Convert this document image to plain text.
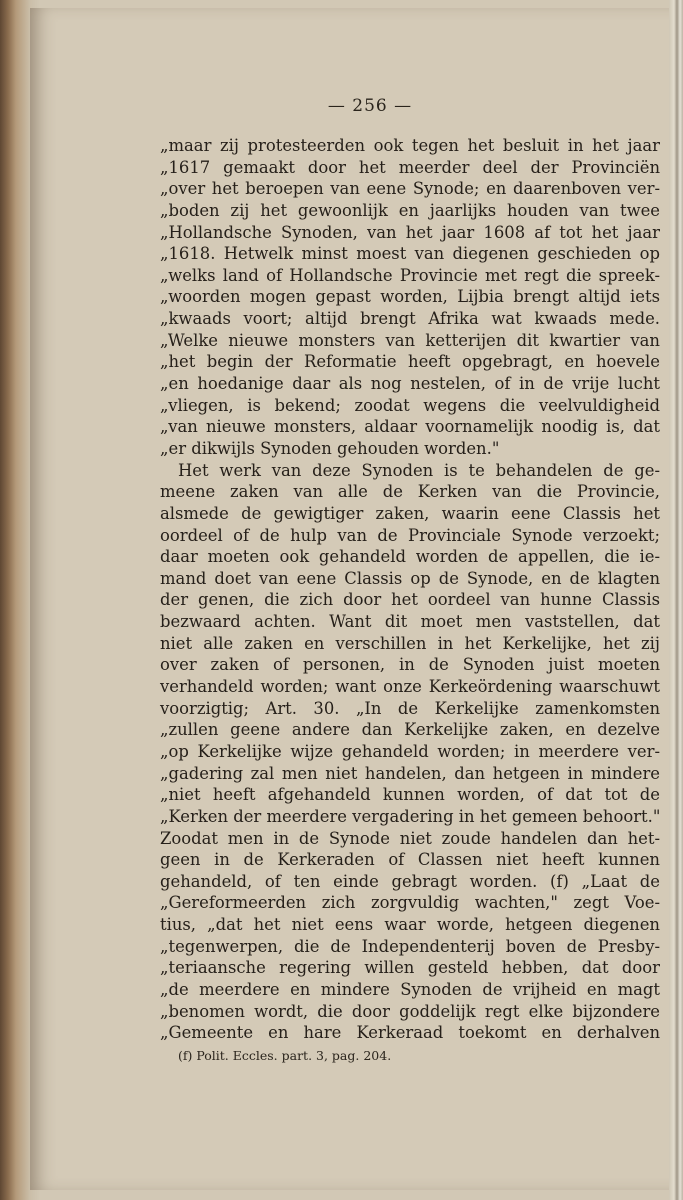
— 256 —
„maar zij protesteerden ook tegen het besluit in het jaar
„1617 gemaakt door het meerder deel der Provinciën
„over het beroepen van eene Synode; en daarenboven ver-
„boden zij het gewoonlijk en jaarlijks houden van twee
„Hollandsche Synoden, van het jaar 1608 af tot het jaar
„1618. Hetwelk minst moest van diegenen geschieden op
„welks land of Hollandsche Provincie met regt die spreek-
„woorden mogen gepast worden, Lijbia brengt altijd iets
„kwaads voort; altijd brengt Afrika wat kwaads mede.
„Welke nieuwe monsters van ketterijen dit kwartier van
„het begin der Reformatie heeft opgebragt, en hoevele
„en hoedanige daar als nog nestelen, of in de vrije lucht
„vliegen, is bekend; zoodat wegens die veelvuldigheid
„van nieuwe monsters, aldaar voornamelijk noodig is, dat
„er dikwijls Synoden gehouden worden."
Het werk van deze Synoden is te behandelen de ge-
meene zaken van alle de Kerken van die Provincie,
alsmede de gewigtiger zaken, waarin eene Classis het
oordeel of de hulp van de Provinciale Synode verzoekt;
daar moeten ook gehandeld worden de appellen, die ie-
mand doet van eene Classis op de Synode, en de klagten
der genen, die zich door het oordeel van hunne Classis
bezwaard achten. Want dit moet men vaststellen, dat
niet alle zaken en verschillen in het Kerkelijke, het zij
over zaken of personen, in de Synoden juist moeten
verhandeld worden; want onze Kerkeördening waarschuwt
voorzigtig; Art. 30. „In de Kerkelijke zamenkomsten
„zullen geene andere dan Kerkelijke zaken, en dezelve
„op Kerkelijke wijze gehandeld worden; in meerdere ver-
„gadering zal men niet handelen, dan hetgeen in mindere
„niet heeft afgehandeld kunnen worden, of dat tot de
„Kerken der meerdere vergadering in het gemeen behoort."
Zoodat men in de Synode niet zoude handelen dan het-
geen in de Kerkeraden of Classen niet heeft kunnen
gehandeld, of ten einde gebragt worden. (f) „Laat de
„Gereformeerden zich zorgvuldig wachten," zegt Voe-
tius, „dat het niet eens waar worde, hetgeen diegenen
„tegenwerpen, die de Independenterij boven de Presby-
„teriaansche regering willen gesteld hebben, dat door
„de meerdere en mindere Synoden de vrijheid en magt
„benomen wordt, die door goddelijk regt elke bijzondere
„Gemeente en hare Kerkeraad toekomt en derhalven
(f) Polit. Eccles. part. 3, pag. 204.
